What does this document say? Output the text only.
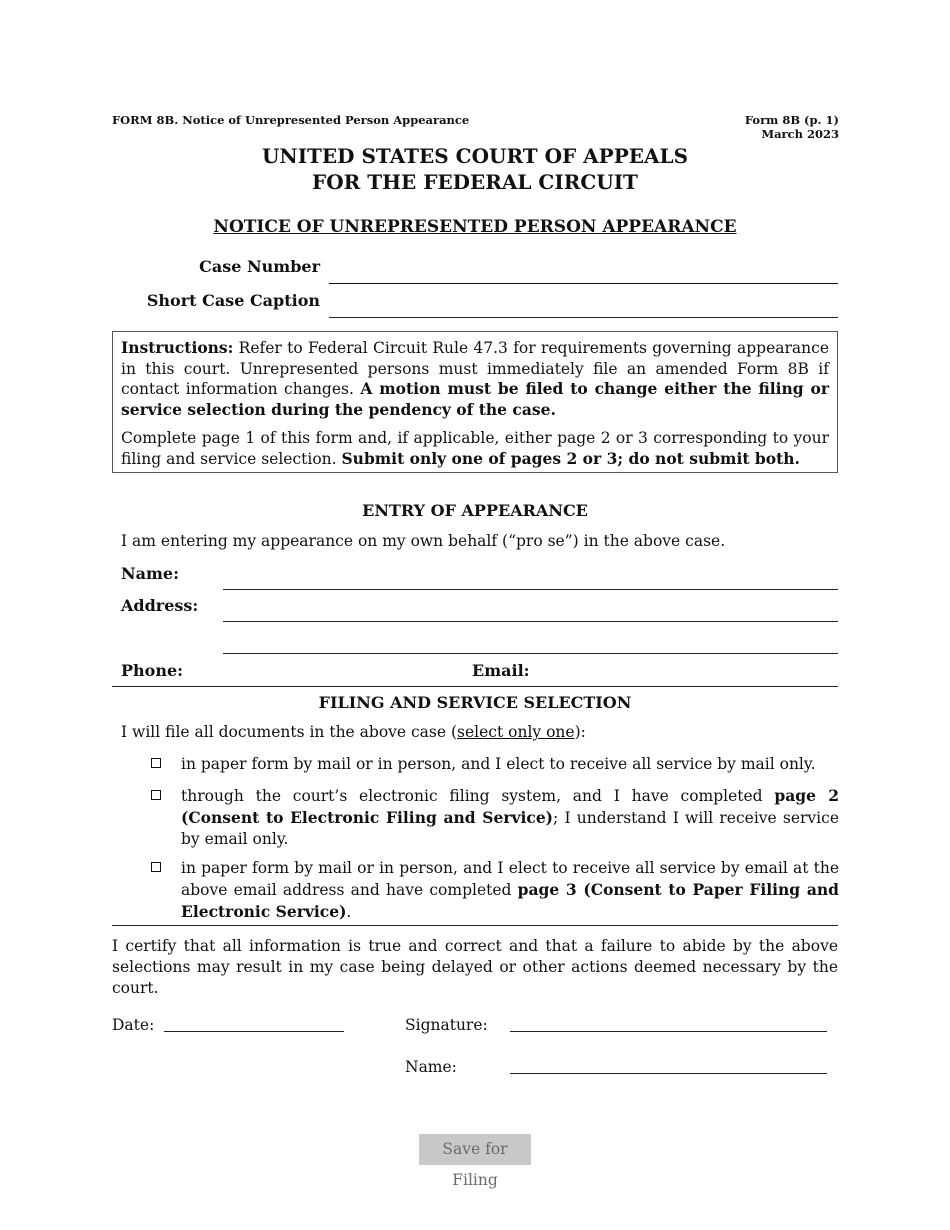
FORM 8B. Notice of Unrepresented Person Appearance	Form 8B (p. 1)
March 2023
UNITED STATES COURT OF APPEALS
FOR THE FEDERAL CIRCUIT
NOTICE OF UNREPRESENTED PERSON APPEARANCE
Case Number
Short Case Caption

Instructions: Refer to Federal Circuit Rule 47.3 for requirements governing appearance in this court. Unrepresented persons must immediately file an amended Form 8B if contact information changes. A motion must be filed to change either the filing or service selection during the pendency of the case.

Complete page 1 of this form and, if applicable, either page 2 or 3 corresponding to your filing and service selection. Submit only one of pages 2 or 3; do not submit both.

ENTRY OF APPEARANCE
I am entering my appearance on my own behalf (“pro se”) in the above case.
Name:
Address:
Phone:	Email:
FILING AND SERVICE SELECTION
I will file all documents in the above case (select only one):
in paper form by mail or in person, and I elect to receive all service by mail only.
through the court’s electronic filing system, and I have completed page 2 (Consent to Electronic Filing and Service); I understand I will receive service by email only.
in paper form by mail or in person, and I elect to receive all service by email at the above email address and have completed page 3 (Consent to Paper Filing and Electronic Service).
I certify that all information is true and correct and that a failure to abide by the above selections may result in my case being delayed or other actions deemed necessary by the court.
Date:	Signature:
Name:
Save for Filing
